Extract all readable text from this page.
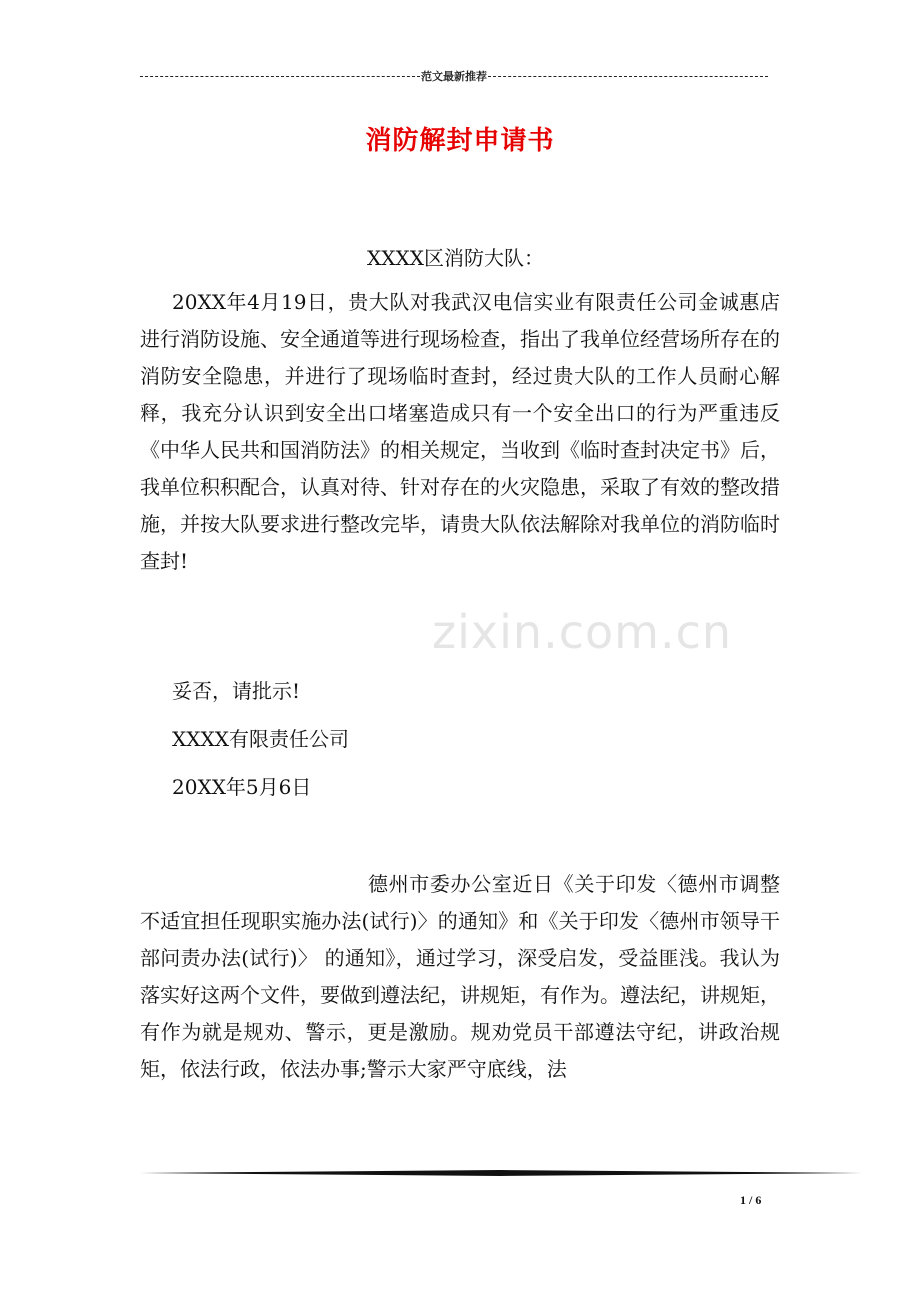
范文最新推荐
消防解封申请书
XXXX区消防大队：
20XX年4月19日，贵大队对我武汉电信实业有限责任公司金诚惠店进行消防设施、安全通道等进行现场检查，指出了我单位经营场所存在的消防安全隐患，并进行了现场临时查封，经过贵大队的工作人员耐心解释，我充分认识到安全出口堵塞造成只有一个安全出口的行为严重违反《中华人民共和国消防法》的相关规定，当收到《临时查封决定书》后，我单位积积配合，认真对待、针对存在的火灾隐患，采取了有效的整改措施，并按大队要求进行整改完毕，请贵大队依法解除对我单位的消防临时查封!
妥否，请批示!
XXXX有限责任公司
20XX年5月6日
德州市委办公室近日《关于印发〈德州市调整不适宜担任现职实施办法(试行)〉的通知》和《关于印发〈德州市领导干部问责办法(试行)〉 的通知》，通过学习，深受启发，受益匪浅。我认为落实好这两个文件，要做到遵法纪，讲规矩，有作为。遵法纪，讲规矩，有作为就是规劝、警示，更是激励。规劝党员干部遵法守纪，讲政治规矩，依法行政，依法办事;警示大家严守底线，法
zixin.com.cn
1 / 6
